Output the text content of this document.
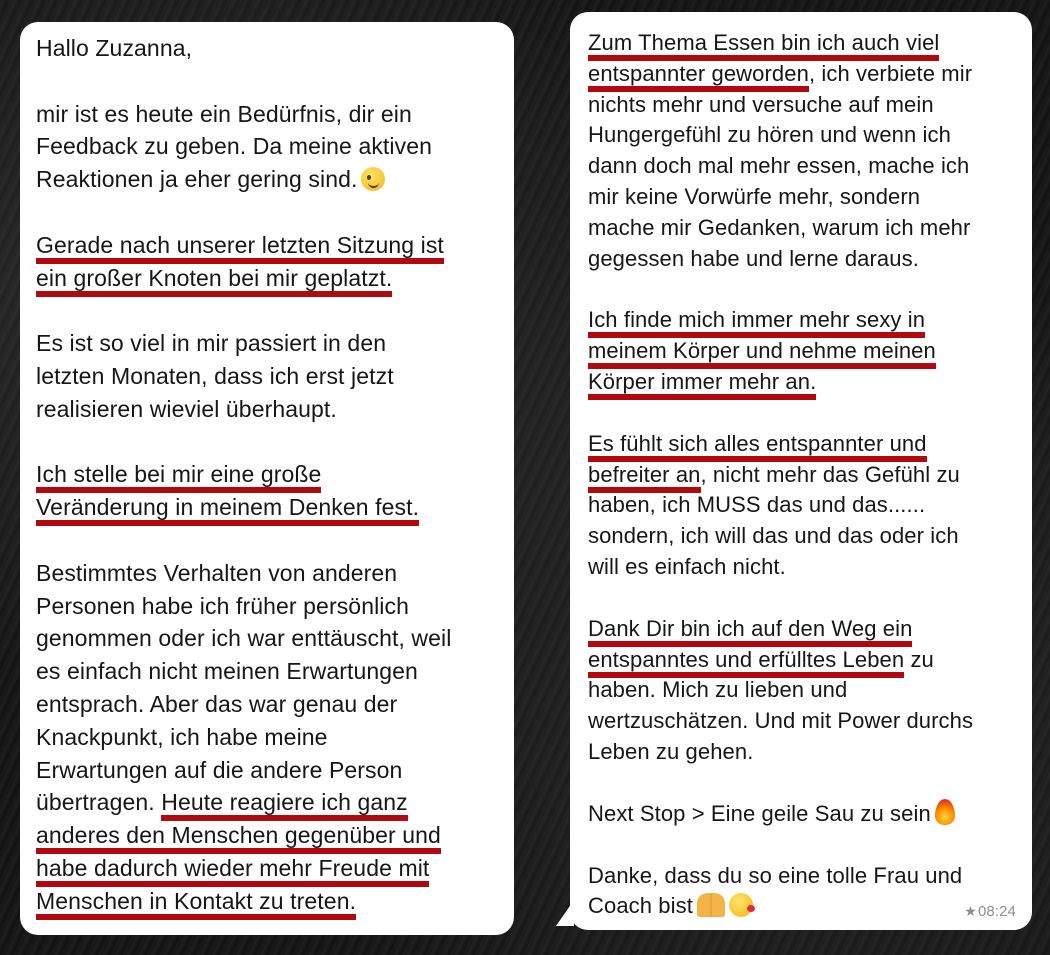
Hallo Zuzanna,
mir ist es heute ein Bedürfnis, dir ein
Feedback zu geben. Da meine aktiven
Reaktionen ja eher gering sind.
Gerade nach unserer letzten Sitzung ist
ein großer Knoten bei mir geplatzt.
Es ist so viel in mir passiert in den
letzten Monaten, dass ich erst jetzt
realisieren wieviel überhaupt.
Ich stelle bei mir eine große
Veränderung in meinem Denken fest.
Bestimmtes Verhalten von anderen
Personen habe ich früher persönlich
genommen oder ich war enttäuscht, weil
es einfach nicht meinen Erwartungen
entsprach. Aber das war genau der
Knackpunkt, ich habe meine
Erwartungen auf die andere Person
übertragen. Heute reagiere ich ganz
anderes den Menschen gegenüber und
habe dadurch wieder mehr Freude mit
Menschen in Kontakt zu treten.
Zum Thema Essen bin ich auch viel
entspannter geworden, ich verbiete mir
nichts mehr und versuche auf mein
Hungergefühl zu hören und wenn ich
dann doch mal mehr essen, mache ich
mir keine Vorwürfe mehr, sondern
mache mir Gedanken, warum ich mehr
gegessen habe und lerne daraus.
Ich finde mich immer mehr sexy in
meinem Körper und nehme meinen
Körper immer mehr an.
Es fühlt sich alles entspannter und
befreiter an, nicht mehr das Gefühl zu
haben, ich MUSS das und das......
sondern, ich will das und das oder ich
will es einfach nicht.
Dank Dir bin ich auf den Weg ein
entspanntes und erfülltes Leben zu
haben. Mich zu lieben und
wertzuschätzen. Und mit Power durchs
Leben zu gehen.
Next Stop > Eine geile Sau zu sein
Danke, dass du so eine tolle Frau und
Coach bist	★08:24
